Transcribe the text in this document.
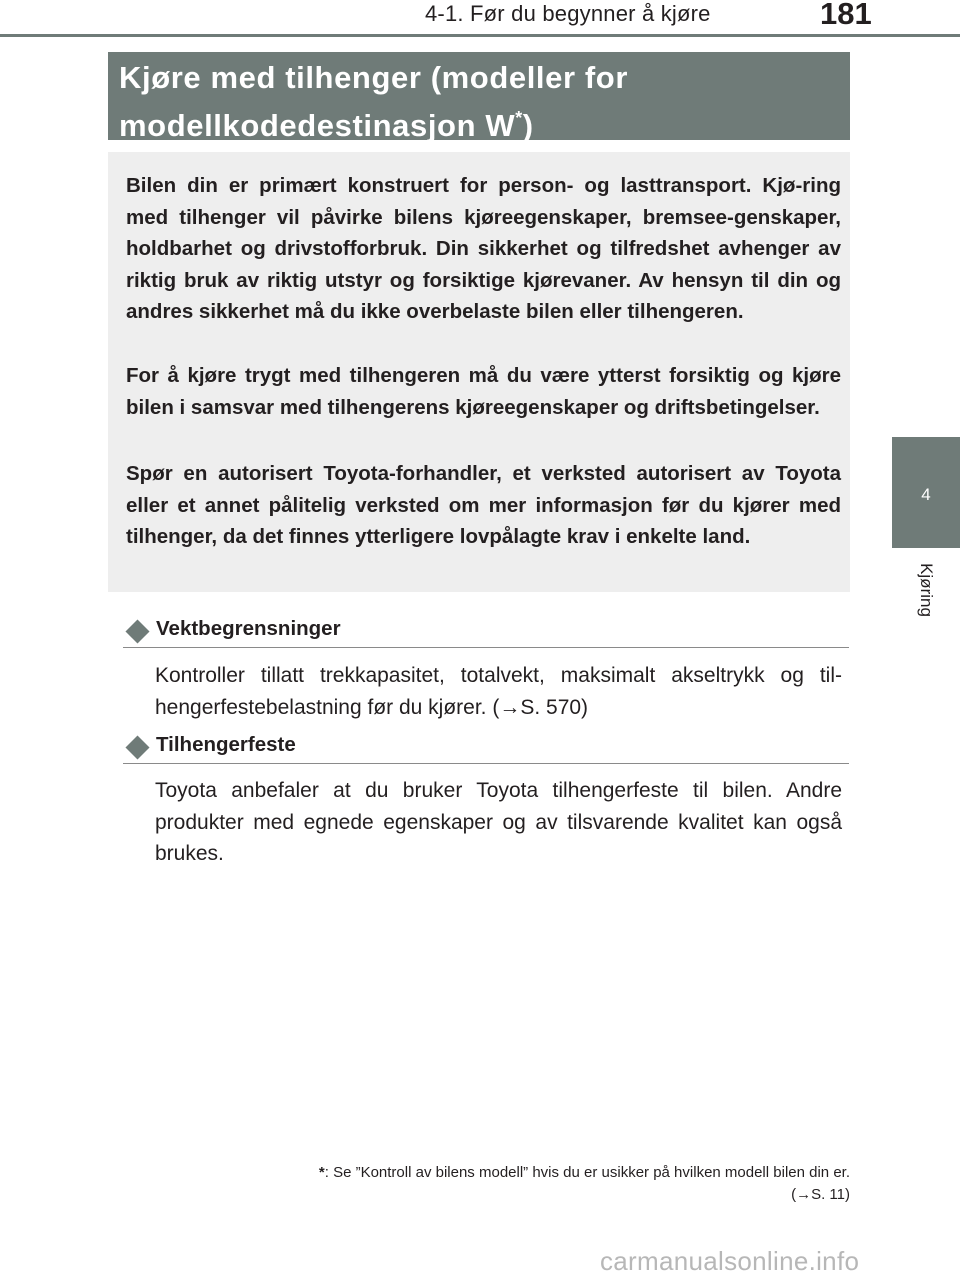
4-1. Før du begynner å kjøre	181
4
Kjøring
Kjøre med tilhenger (modeller for
modellkodedestinasjon W*)

Bilen din er primært konstruert for person- og lasttransport. Kjø-ring med tilhenger vil påvirke bilens kjøreegenskaper, bremsee-genskaper, holdbarhet og drivstofforbruk. Din sikkerhet og tilfredshet avhenger av riktig bruk av riktig utstyr og forsiktige kjørevaner. Av hensyn til din og andres sikkerhet må du ikke overbelaste bilen eller tilhengeren.

For å kjøre trygt med tilhengeren må du være ytterst forsiktig og kjøre bilen i samsvar med tilhengerens kjøreegenskaper og driftsbetingelser.

Spør en autorisert Toyota-forhandler, et verksted autorisert av Toyota eller et annet pålitelig verksted om mer informasjon før du kjører med tilhenger, da det finnes ytterligere lovpålagte krav i enkelte land.

Vektbegrensninger

Kontroller tillatt trekkapasitet, totalvekt, maksimalt akseltrykk og til-hengerfestebelastning før du kjører. (→S. 570)

Tilhengerfeste

Toyota anbefaler at du bruker Toyota tilhengerfeste til bilen. Andre produkter med egnede egenskaper og av tilsvarende kvalitet kan også brukes.

*: Se ”Kontroll av bilens modell” hvis du er usikker på hvilken modell bilen din er.
(→S. 11)
carmanualsonline.info
